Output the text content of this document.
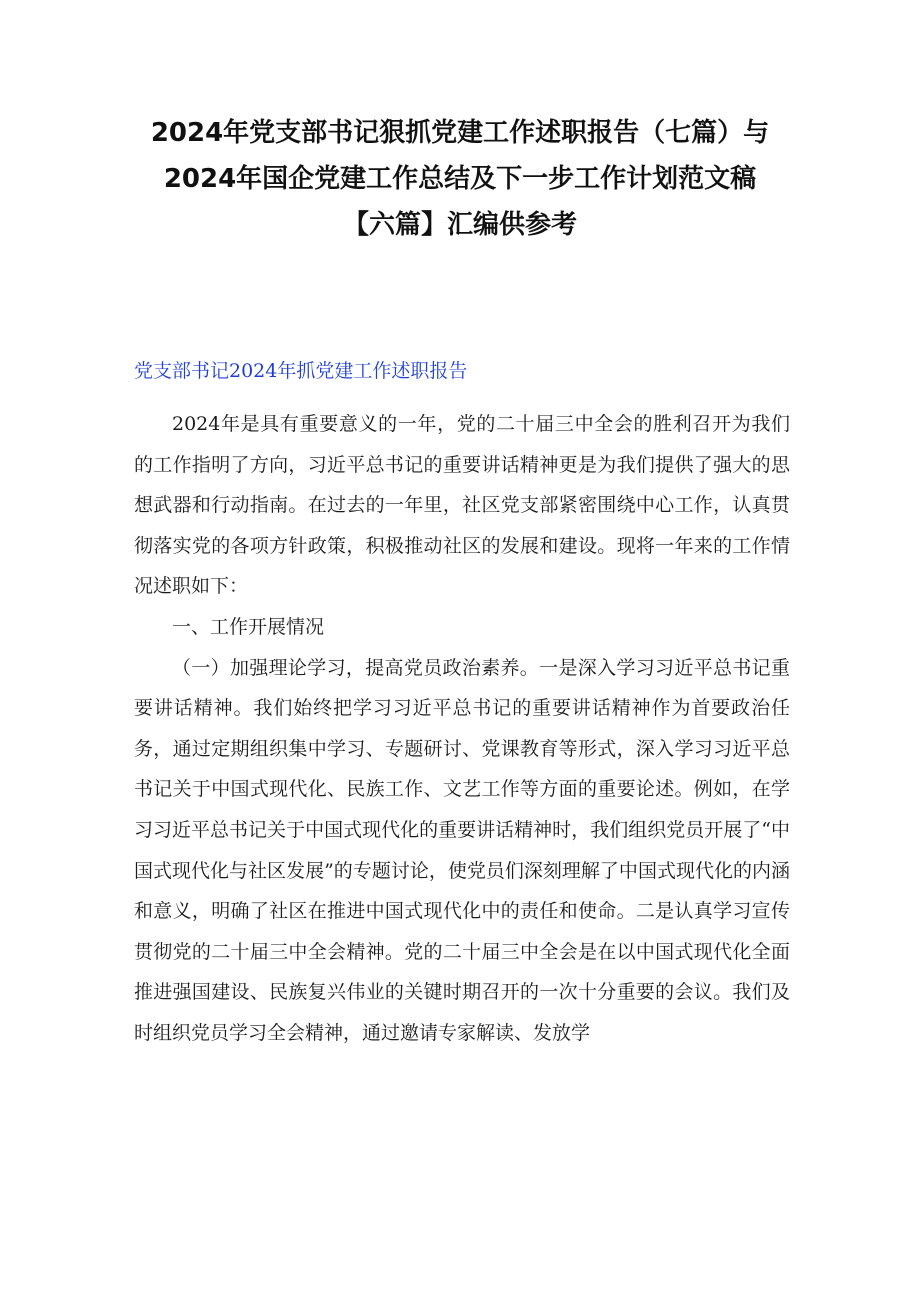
2024年党支部书记狠抓党建工作述职报告（七篇）与
2024年国企党建工作总结及下一步工作计划范文稿
【六篇】汇编供参考
党支部书记2024年抓党建工作述职报告

2024年是具有重要意义的一年，党的二十届三中全会的胜利召开为我们的工作指明了方向，习近平总书记的重要讲话精神更是为我们提供了强大的思想武器和行动指南。在过去的一年里，社区党支部紧密围绕中心工作，认真贯彻落实党的各项方针政策，积极推动社区的发展和建设。现将一年来的工作情况述职如下：

一、工作开展情况

（一）加强理论学习，提高党员政治素养。一是深入学习习近平总书记重要讲话精神。我们始终把学习习近平总书记的重要讲话精神作为首要政治任务，通过定期组织集中学习、专题研讨、党课教育等形式，深入学习习近平总书记关于中国式现代化、民族工作、文艺工作等方面的重要论述。例如，在学习习近平总书记关于中国式现代化的重要讲话精神时，我们组织党员开展了“中国式现代化与社区发展”的专题讨论，使党员们深刻理解了中国式现代化的内涵和意义，明确了社区在推进中国式现代化中的责任和使命。二是认真学习宣传贯彻党的二十届三中全会精神。党的二十届三中全会是在以中国式现代化全面推进强国建设、民族复兴伟业的关键时期召开的一次十分重要的会议。我们及时组织党员学习全会精神，通过邀请专家解读、发放学
